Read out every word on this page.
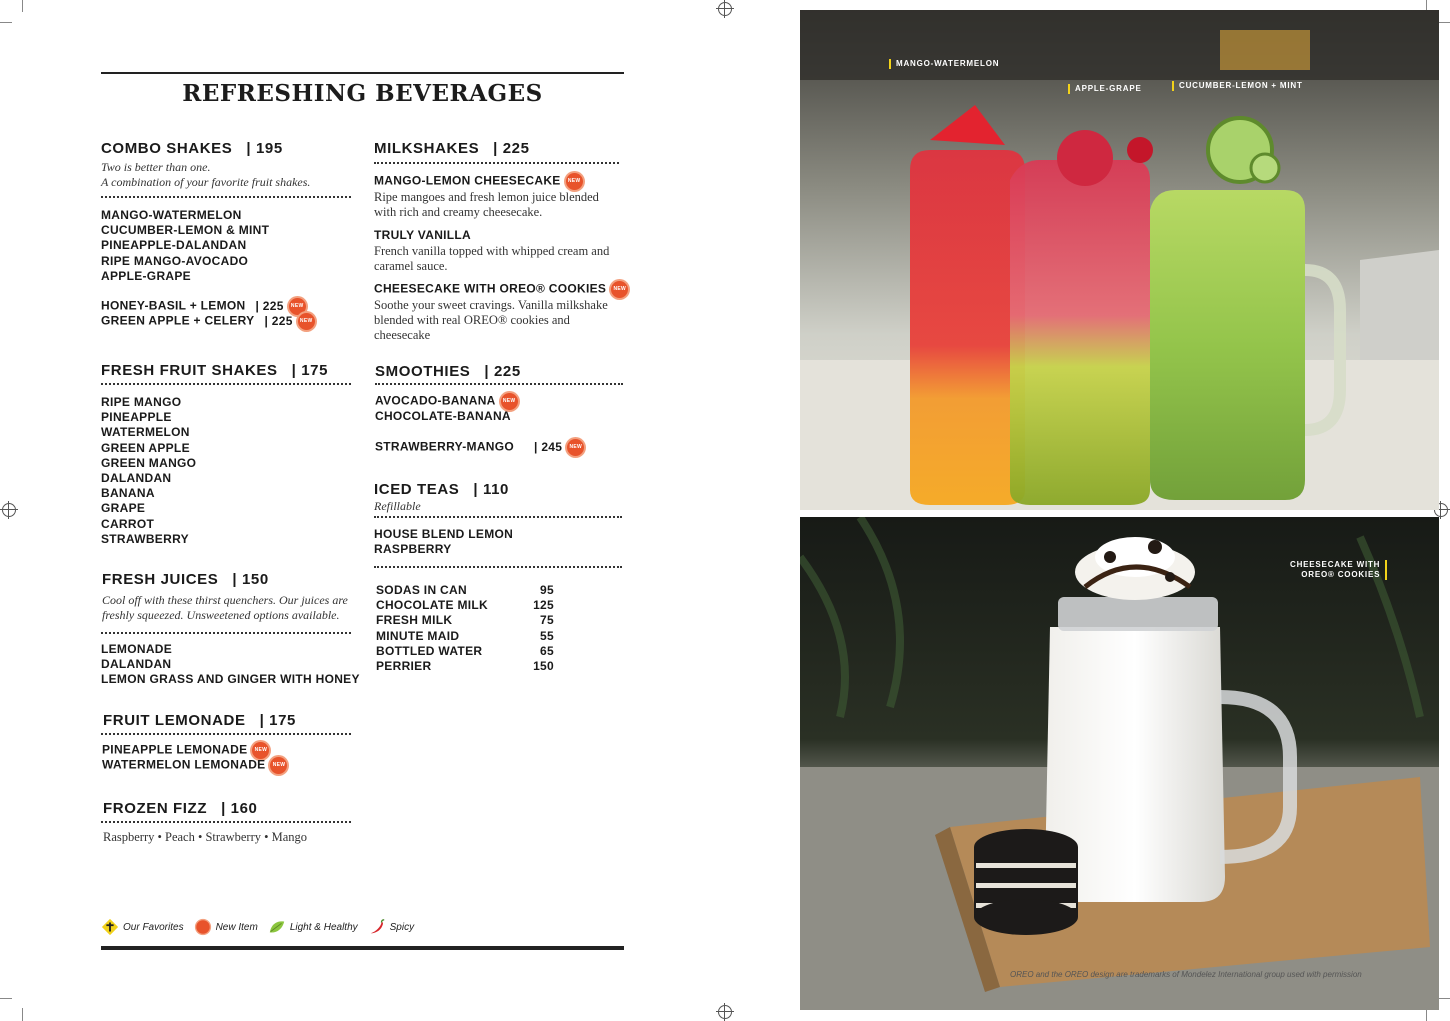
REFRESHING BEVERAGES
COMBO SHAKES | 195
Two is better than one.
A combination of your favorite fruit shakes.
MANGO-WATERMELON
CUCUMBER-LEMON & MINT
PINEAPPLE-DALANDAN
RIPE MANGO-AVOCADO
APPLE-GRAPE
HONEY-BASIL + LEMON | 225 NEW
GREEN APPLE + CELERY | 225 NEW
FRESH FRUIT SHAKES | 175
RIPE MANGO
PINEAPPLE
WATERMELON
GREEN APPLE
GREEN MANGO
DALANDAN
BANANA
GRAPE
CARROT
STRAWBERRY
FRESH JUICES | 150
Cool off with these thirst quenchers. Our juices are
freshly squeezed. Unsweetened options available.
LEMONADE
DALANDAN
LEMON GRASS AND GINGER WITH HONEY
FRUIT LEMONADE | 175
PINEAPPLE LEMONADE NEW
WATERMELON LEMONADE NEW
FROZEN FIZZ | 160
Raspberry • Peach • Strawberry • Mango
MILKSHAKES | 225
MANGO-LEMON CHEESECAKE NEW
Ripe mangoes and fresh lemon juice blended
with rich and creamy cheesecake.
TRULY VANILLA
French vanilla topped with whipped cream and
caramel sauce.
CHEESECAKE WITH OREO® COOKIES NEW
Soothe your sweet cravings. Vanilla milkshake
blended with real OREO® cookies and cheesecake
SMOOTHIES | 225
AVOCADO-BANANA NEW
CHOCOLATE-BANANA
STRAWBERRY-MANGO | 245 NEW
ICED TEAS | 110
Refillable
HOUSE BLEND LEMON
RASPBERRY
SODAS IN CAN	95
CHOCOLATE MILK	125
FRESH MILK	75
MINUTE MAID	55
BOTTLED WATER	65
PERRIER	150
Our Favorites	New Item	Light & Healthy	Spicy
MANGO-WATERMELON
APPLE-GRAPE	CUCUMBER-LEMON + MINT
CHEESECAKE WITH
OREO® COOKIES
OREO and the OREO design are trademarks of Mondelez International group used with permission
